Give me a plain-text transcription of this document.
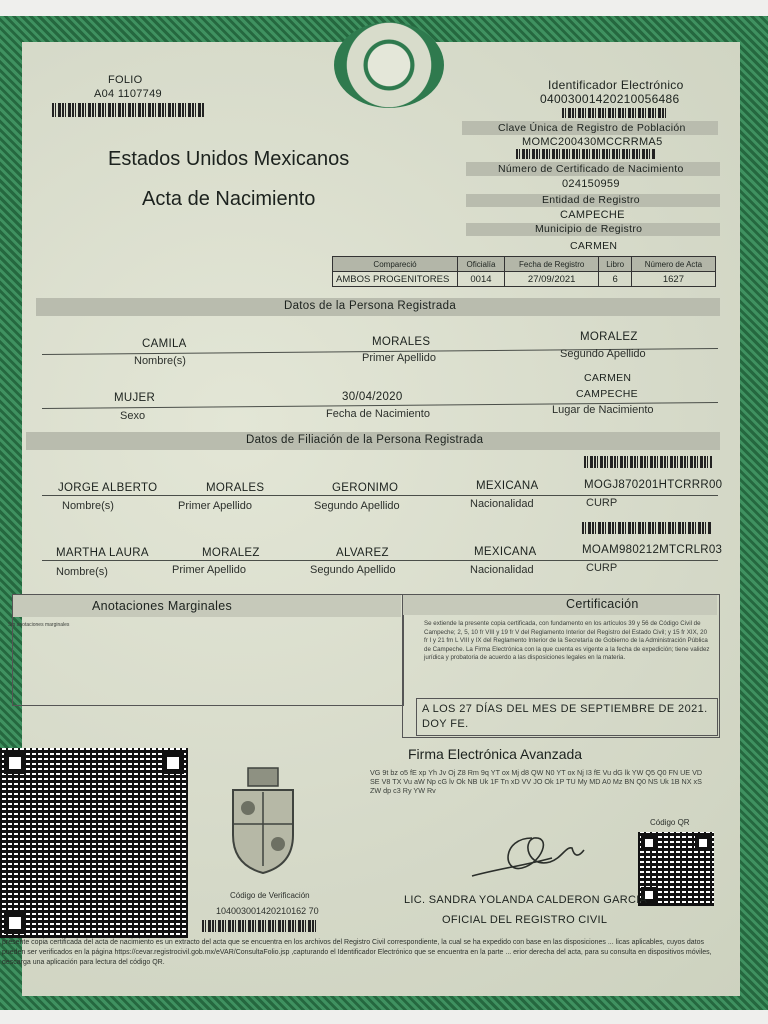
FOLIO
A04 1107749
Identificador Electrónico
04003001420210056486
Clave Única de Registro de Población
MOMC200430MCCRRMA5
Número de Certificado de Nacimiento
024150959
Entidad de Registro
CAMPECHE
Municipio de Registro
CARMEN
Estados Unidos Mexicanos
Acta de Nacimiento
Compareció	Oficialía	Fecha de Registro	Libro	Número de Acta
AMBOS PROGENITORES	0014	27/09/2021	6	1627
Datos de la Persona Registrada
CAMILA	MORALES	MORALEZ
Nombre(s)	Primer Apellido	Segundo Apellido
CARMEN
MUJER	30/04/2020	CAMPECHE
Sexo	Fecha de Nacimiento	Lugar de Nacimiento
Datos de Filiación de la Persona Registrada
JORGE ALBERTO	MORALES	GERONIMO	MEXICANA	MOGJ870201HTCRRR00
Nombre(s)	Primer Apellido	Segundo Apellido	Nacionalidad	CURP
MARTHA LAURA	MORALEZ	ALVAREZ	MEXICANA	MOAM980212MTCRLR03
Nombre(s)	Primer Apellido	Segundo Apellido	Nacionalidad	CURP
Anotaciones Marginales
Sin anotaciones marginales
Certificación
Se extiende la presente copia certificada, con fundamento en los artículos 39 y 56 de Código Civil de Campeche; 2, 5, 10 fr VIII y 19 fr V del Reglamento Interior del Registro del Estado Civil; y 15 fr XIX, 20 fr I y 21 fm L VIII y IX del Reglamento Interior de la Secretaría de Gobierno de la Administración Pública de Campeche. La Firma Electrónica con la que cuenta es vigente a la fecha de expedición; tiene validez jurídica y probatoria de acuerdo a las disposiciones legales en la materia.
A LOS 27 DÍAS DEL MES DE SEPTIEMBRE DE 2021. DOY FE.
Firma Electrónica Avanzada
VG 9t bz o5 fE xp Yh Jv Oj Z8 Rm 9q YT ox Mj d8 QW N0 YT ox Nj I3 fE Vu dG lk YW Q5 Q0 FN UE VD SE V8 TX Vu aW Np cG lv Ok NB Uk 1F Tn xD VV JO Ok 1P TU My MD A0 Mz BN Q0 NS Uk 1B NX xS ZW dp c3 Ry YW Rv
Código de Verificación
104003001420210162 70
Código QR
LIC. SANDRA YOLANDA CALDERON GARCIA
OFICIAL DEL REGISTRO CIVIL
presente copia certificada del acta de nacimiento es un extracto del acta que se encuentra en los archivos del Registro Civil correspondiente, la cual se ha expedido con base en las disposiciones ... licas aplicables, cuyos datos pueden ser verificados en la página https://cevar.registrocivil.gob.mx/eVAR/ConsultaFolio.jsp ,capturando el Identificador Electrónico que se encuentra en la parte ... erior derecha del acta, para su consulta en dispositivos móviles, descarga una aplicación para lectura del código QR.
